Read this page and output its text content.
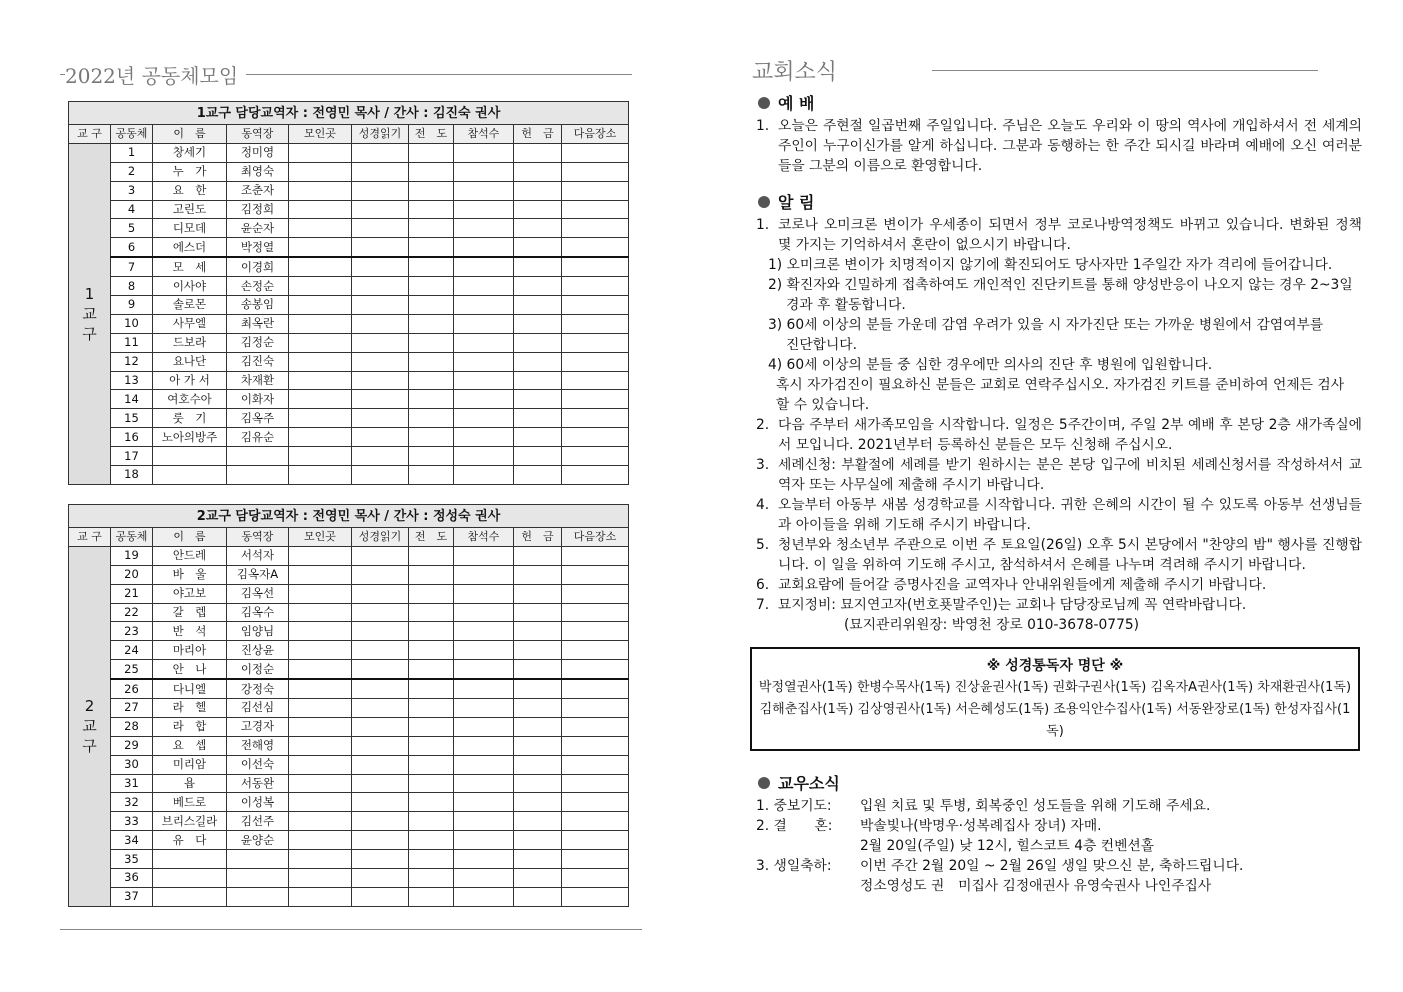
2022년 공동체모임
1교구 담당교역자 : 전영민 목사 / 간사 : 김진숙 권사									
교 구	공동체	이　름	동역장	모인곳	성경읽기	전　도	참석수	헌　금	다음장소
1
교
구	1	창세기	정미영						
	2	누　가	최영숙						
	3	요　한	조춘자						
	4	고린도	김정희						
	5	디모데	윤순자						
	6	에스더	박정열						
	7	모　세	이경희						
	8	이사야	손정순						
	9	솔로몬	송봉임						
	10	사무엘	최옥란						
	11	드보라	김정순						
	12	요나단	김진숙						
	13	아 가 서	차재환						
	14	여호수아	이화자						
	15	룻　기	김옥주						
	16	노아의방주	김유순						
	17								
	18								
2교구 담당교역자 : 전영민 목사 / 간사 : 정성숙 권사									
교 구	공동체	이　름	동역장	모인곳	성경읽기	전　도	참석수	헌　금	다음장소
2
교
구	19	안드레	서석자						
	20	바　울	김옥자A						
	21	야고보	김옥선						
	22	갈　렙	김옥수						
	23	반　석	임양님						
	24	마리아	진상윤						
	25	안　나	이정순						
	26	다니엘	강정숙						
	27	라　헬	김선심						
	28	라　합	고경자						
	29	요　셉	전해영						
	30	미리암	이선숙						
	31	욥	서동완						
	32	베드로	이성복						
	33	브리스길라	김선주						
	34	유　다	윤양순						
	35								
	36								
	37								
교회소식
예 배
1. 오늘은 주현절 일곱번째 주일입니다. 주님은 오늘도 우리와 이 땅의 역사에 개입하셔서 전 세계의 주인이 누구이신가를 알게 하십니다. 그분과 동행하는 한 주간 되시길 바라며 예배에 오신 여러분들을 그분의 이름으로 환영합니다.
알 림
1. 코로나 오미크론 변이가 우세종이 되면서 정부 코로나방역정책도 바뀌고 있습니다. 변화된 정책 몇 가지는 기억하셔서 혼란이 없으시기 바랍니다.
1) 오미크론 변이가 치명적이지 않기에 확진되어도 당사자만 1주일간 자가 격리에 들어갑니다.
2) 확진자와 긴밀하게 접촉하여도 개인적인 진단키트를 통해 양성반응이 나오지 않는 경우 2~3일
경과 후 활동합니다.
3) 60세 이상의 분들 가운데 감염 우려가 있을 시 자가진단 또는 가까운 병원에서 감염여부를
진단합니다.
4) 60세 이상의 분들 중 심한 경우에만 의사의 진단 후 병원에 입원합니다.
혹시 자가검진이 필요하신 분들은 교회로 연락주십시오. 자가검진 키트를 준비하여 언제든 검사
할 수 있습니다.
2. 다음 주부터 새가족모임을 시작합니다. 일정은 5주간이며, 주일 2부 예배 후 본당 2층 새가족실에서 모입니다. 2021년부터 등록하신 분들은 모두 신청해 주십시오.
3. 세례신청: 부활절에 세례를 받기 원하시는 분은 본당 입구에 비치된 세례신청서를 작성하셔서 교역자 또는 사무실에 제출해 주시기 바랍니다.
4. 오늘부터 아동부 새봄 성경학교를 시작합니다. 귀한 은혜의 시간이 될 수 있도록 아동부 선생님들과 아이들을 위해 기도해 주시기 바랍니다.
5. 청년부와 청소년부 주관으로 이번 주 토요일(26일) 오후 5시 본당에서 "찬양의 밤" 행사를 진행합니다. 이 일을 위하여 기도해 주시고, 참석하셔서 은혜를 나누며 격려해 주시기 바랍니다.
6. 교회요람에 들어갈 증명사진을 교역자나 안내위원들에게 제출해 주시기 바랍니다.
7. 묘지정비: 묘지연고자(번호푯말주인)는 교회나 담당장로님께 꼭 연락바랍니다.
(묘지관리위원장: 박영천 장로 010-3678-0775)
※ 성경통독자 명단 ※
박정열권사(1독) 한병수목사(1독) 진상윤권사(1독) 권화구권사(1독) 김옥자A권사(1독) 차재환권사(1독)
김해춘집사(1독) 김상영권사(1독) 서은혜성도(1독) 조용익안수집사(1독) 서동완장로(1독) 한성자집사(1독)
교우소식
1. 중보기도:	입원 치료 및 투병, 회복중인 성도들을 위해 기도해 주세요.
2. 결　　혼:	박솔빛나(박명우·성복례집사 장녀) 자매.
2월 20일(주일) 낮 12시, 힐스코트 4층 컨벤션홀
3. 생일축하:	이번 주간 2월 20일 ~ 2월 26일 생일 맞으신 분, 축하드립니다.
정소영성도 권　미집사 김정애권사 유영숙권사 나인주집사
